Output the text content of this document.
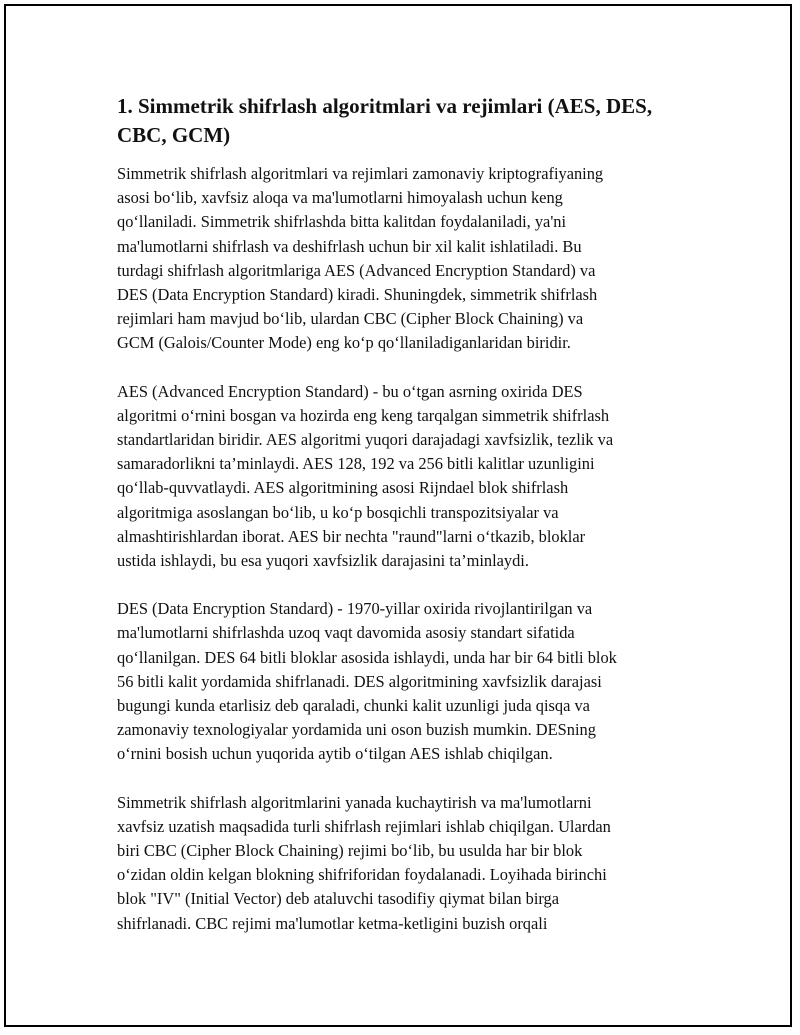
1. Simmetrik shifrlash algoritmlari va rejimlari (AES, DES, CBC, GCM)

Simmetrik shifrlash algoritmlari va rejimlari zamonaviy kriptografiyaning
asosi bo‘lib, xavfsiz aloqa va ma'lumotlarni himoyalash uchun keng
qo‘llaniladi. Simmetrik shifrlashda bitta kalitdan foydalaniladi, ya'ni
ma'lumotlarni shifrlash va deshifrlash uchun bir xil kalit ishlatiladi. Bu
turdagi shifrlash algoritmlariga AES (Advanced Encryption Standard) va
DES (Data Encryption Standard) kiradi. Shuningdek, simmetrik shifrlash
rejimlari ham mavjud bo‘lib, ulardan CBC (Cipher Block Chaining) va
GCM (Galois/Counter Mode) eng ko‘p qo‘llaniladiganlaridan biridir.

AES (Advanced Encryption Standard) - bu o‘tgan asrning oxirida DES
algoritmi o‘rnini bosgan va hozirda eng keng tarqalgan simmetrik shifrlash
standartlaridan biridir. AES algoritmi yuqori darajadagi xavfsizlik, tezlik va
samaradorlikni ta’minlaydi. AES 128, 192 va 256 bitli kalitlar uzunligini
qo‘llab-quvvatlaydi. AES algoritmining asosi Rijndael blok shifrlash
algoritmiga asoslangan bo‘lib, u ko‘p bosqichli transpozitsiyalar va
almashtirishlardan iborat. AES bir nechta "raund"larni o‘tkazib, bloklar
ustida ishlaydi, bu esa yuqori xavfsizlik darajasini ta’minlaydi.

DES (Data Encryption Standard) - 1970-yillar oxirida rivojlantirilgan va
ma'lumotlarni shifrlashda uzoq vaqt davomida asosiy standart sifatida
qo‘llanilgan. DES 64 bitli bloklar asosida ishlaydi, unda har bir 64 bitli blok
56 bitli kalit yordamida shifrlanadi. DES algoritmining xavfsizlik darajasi
bugungi kunda etarlisiz deb qaraladi, chunki kalit uzunligi juda qisqa va
zamonaviy texnologiyalar yordamida uni oson buzish mumkin. DESning
o‘rnini bosish uchun yuqorida aytib o‘tilgan AES ishlab chiqilgan.

Simmetrik shifrlash algoritmlarini yanada kuchaytirish va ma'lumotlarni
xavfsiz uzatish maqsadida turli shifrlash rejimlari ishlab chiqilgan. Ulardan
biri CBC (Cipher Block Chaining) rejimi bo‘lib, bu usulda har bir blok
o‘zidan oldin kelgan blokning shifriforidan foydalanadi. Loyihada birinchi
blok "IV" (Initial Vector) deb ataluvchi tasodifiy qiymat bilan birga
shifrlanadi. CBC rejimi ma'lumotlar ketma-ketligini buzish orqali
